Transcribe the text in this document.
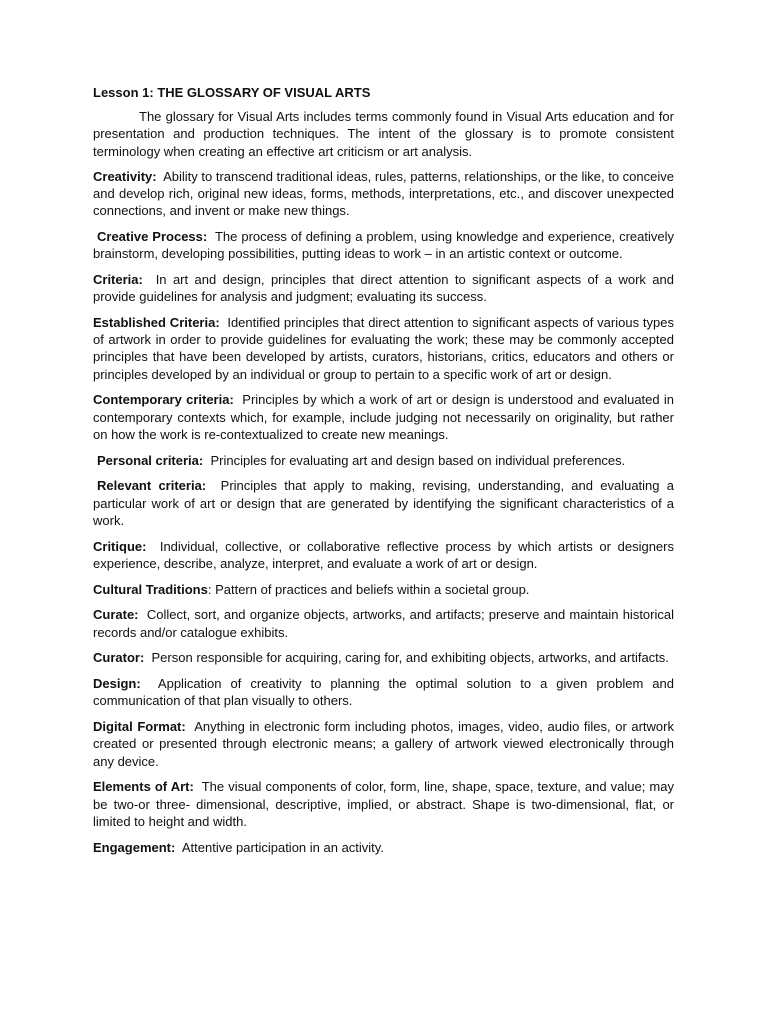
Lesson 1: THE GLOSSARY OF VISUAL ARTS

The glossary for Visual Arts includes terms commonly found in Visual Arts education and for presentation and production techniques. The intent of the glossary is to promote consistent terminology when creating an effective art criticism or art analysis.

Creativity: Ability to transcend traditional ideas, rules, patterns, relationships, or the like, to conceive and develop rich, original new ideas, forms, methods, interpretations, etc., and discover unexpected connections, and invent or make new things.

Creative Process: The process of defining a problem, using knowledge and experience, creatively brainstorm, developing possibilities, putting ideas to work – in an artistic context or outcome.

Criteria: In art and design, principles that direct attention to significant aspects of a work and provide guidelines for analysis and judgment; evaluating its success.

Established Criteria: Identified principles that direct attention to significant aspects of various types of artwork in order to provide guidelines for evaluating the work; these may be commonly accepted principles that have been developed by artists, curators, historians, critics, educators and others or principles developed by an individual or group to pertain to a specific work of art or design.

Contemporary criteria: Principles by which a work of art or design is understood and evaluated in contemporary contexts which, for example, include judging not necessarily on originality, but rather on how the work is re-contextualized to create new meanings.

Personal criteria: Principles for evaluating art and design based on individual preferences.

Relevant criteria: Principles that apply to making, revising, understanding, and evaluating a particular work of art or design that are generated by identifying the significant characteristics of a work.

Critique: Individual, collective, or collaborative reflective process by which artists or designers experience, describe, analyze, interpret, and evaluate a work of art or design.

Cultural Traditions: Pattern of practices and beliefs within a societal group.

Curate: Collect, sort, and organize objects, artworks, and artifacts; preserve and maintain historical records and/or catalogue exhibits.

Curator: Person responsible for acquiring, caring for, and exhibiting objects, artworks, and artifacts.

Design: Application of creativity to planning the optimal solution to a given problem and communication of that plan visually to others.

Digital Format: Anything in electronic form including photos, images, video, audio files, or artwork created or presented through electronic means; a gallery of artwork viewed electronically through any device.

Elements of Art: The visual components of color, form, line, shape, space, texture, and value; may be two-or three- dimensional, descriptive, implied, or abstract. Shape is two-dimensional, flat, or limited to height and width.

Engagement: Attentive participation in an activity.
